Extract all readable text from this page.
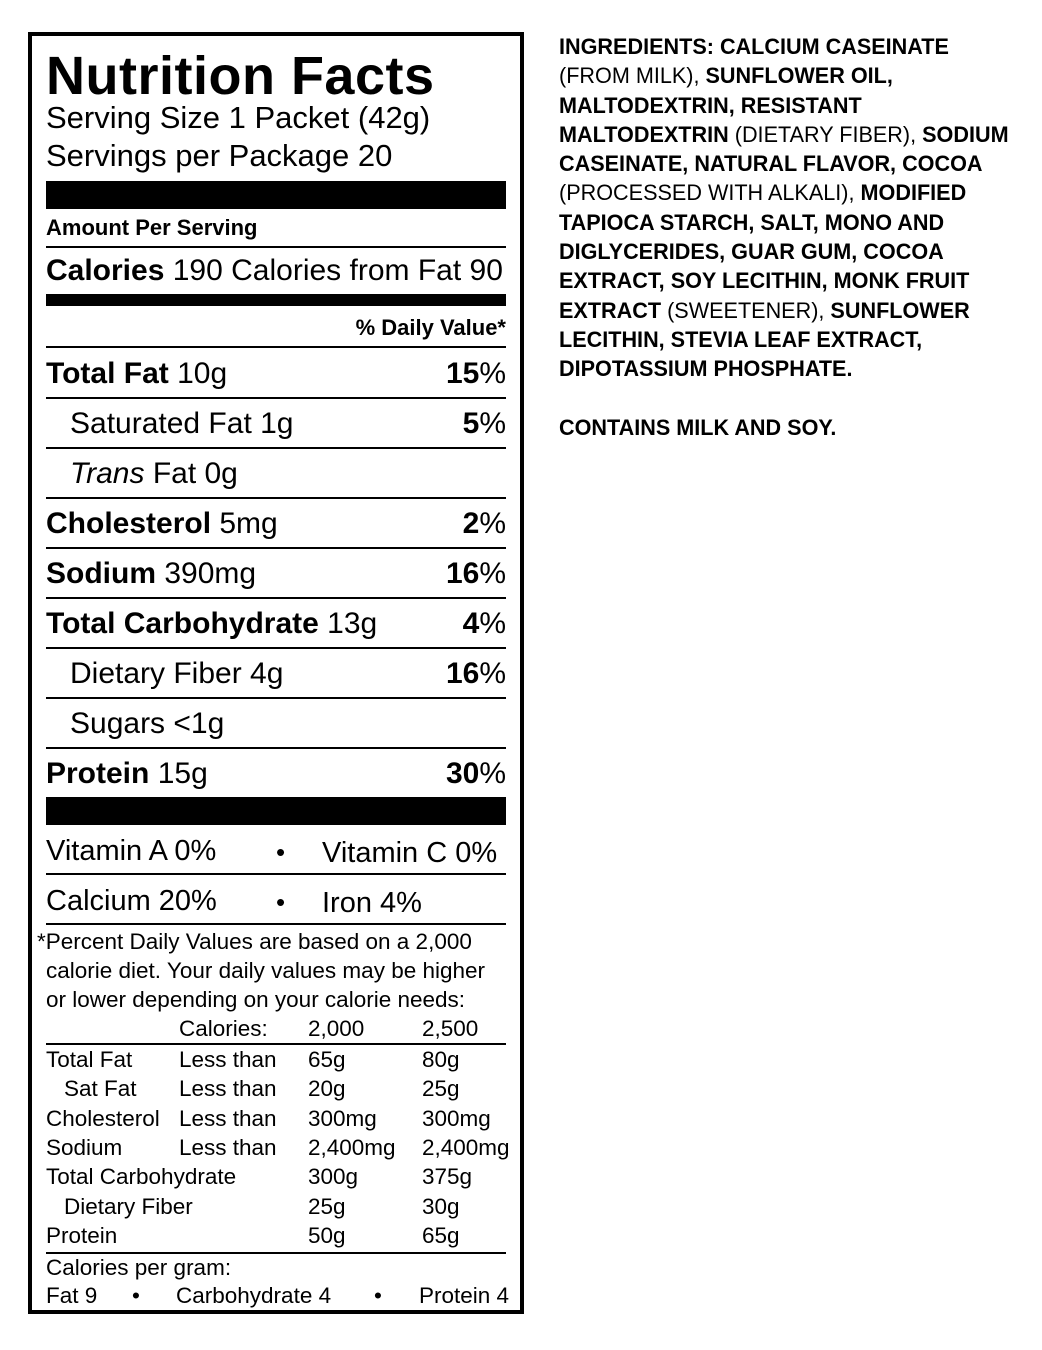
Nutrition Facts
Serving Size 1 Packet (42g)
Servings per Package 20
Amount Per Serving
Calories 190 Calories from Fat 90
% Daily Value*
Total Fat 10g	15%
Saturated Fat 1g	5%
Trans Fat 0g
Cholesterol 5mg	2%
Sodium 390mg	16%
Total Carbohydrate 13g	4%
Dietary Fiber 4g	16%
Sugars <1g
Protein 15g	30%
Vitamin A 0% • Vitamin C 0%
Calcium 20% • Iron 4%
*Percent Daily Values are based on a 2,000
calorie diet. Your daily values may be higher
or lower depending on your calorie needs:
Calories: 2,000	2,500
Total Fat Less than 65g	80g
Sat Fat Less than 20g	25g
Cholesterol Less than 300mg 300mg
Sodium	Less than 2,400mg 2,400mg
Total Carbohydrate	300g	375g
Dietary Fiber	25g	30g
Protein	50g	65g
Calories per gram:
Fat 9 • Carbohydrate 4 • Protein 4
INGREDIENTS: CALCIUM CASEINATE
(FROM MILK), SUNFLOWER OIL,
MALTODEXTRIN, RESISTANT
MALTODEXTRIN (DIETARY FIBER), SODIUM
CASEINATE, NATURAL FLAVOR, COCOA
(PROCESSED WITH ALKALI), MODIFIED
TAPIOCA STARCH, SALT, MONO AND
DIGLYCERIDES, GUAR GUM, COCOA
EXTRACT, SOY LECITHIN, MONK FRUIT
EXTRACT (SWEETENER), SUNFLOWER
LECITHIN, STEVIA LEAF EXTRACT,
DIPOTASSIUM PHOSPHATE.
CONTAINS MILK AND SOY.
